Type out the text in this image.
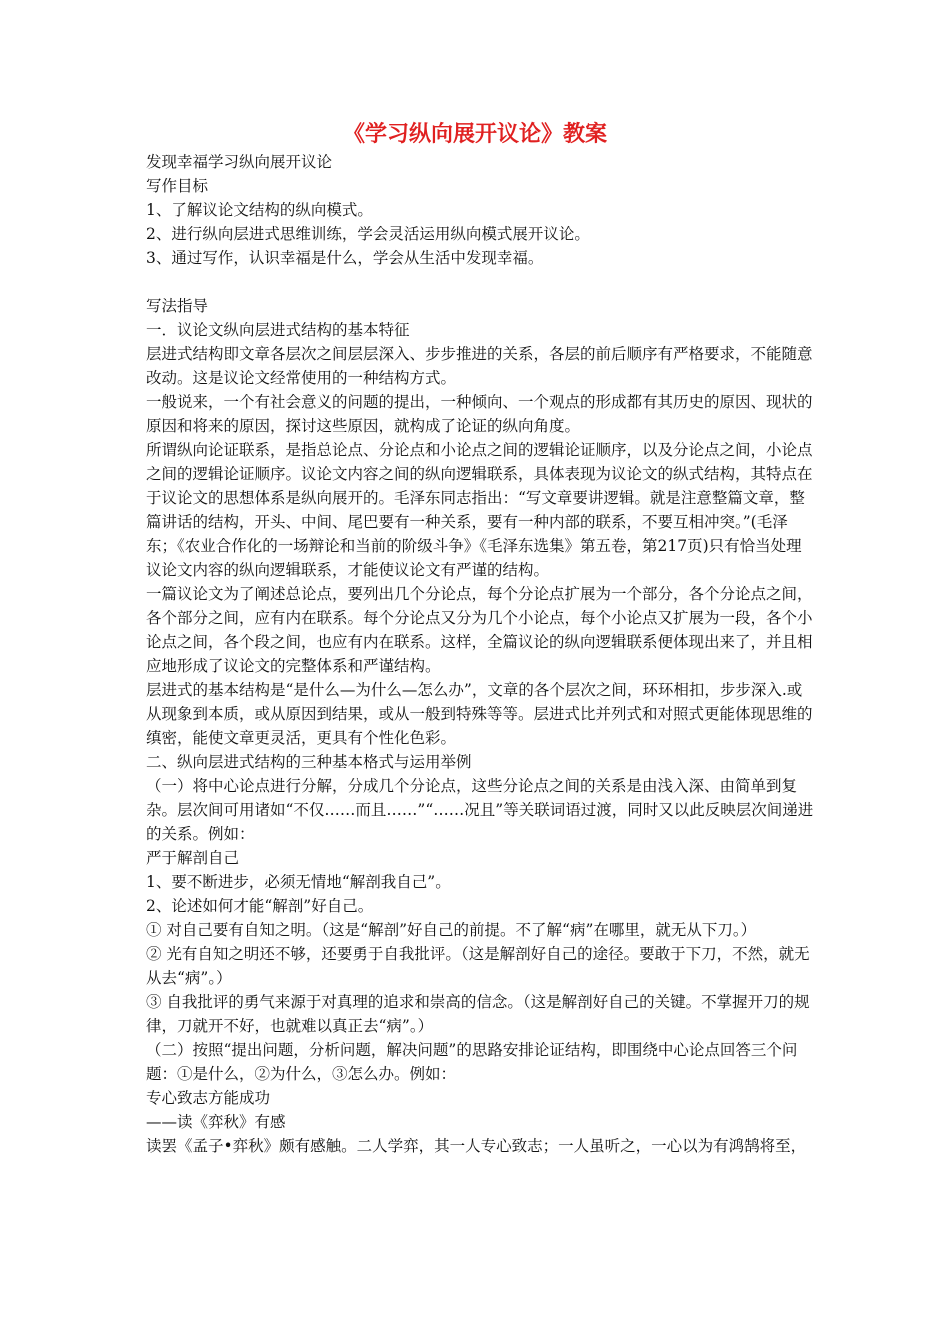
《学习纵向展开议论》教案

发现幸福学习纵向展开议论

写作目标

1、了解议论文结构的纵向模式。

2、进行纵向层进式思维训练，学会灵活运用纵向模式展开议论。

3、通过写作，认识幸福是什么，学会从生活中发现幸福。

写法指导

一．议论文纵向层进式结构的基本特征

层进式结构即文章各层次之间层层深入、步步推进的关系，各层的前后顺序有严格要求，不能随意改动。这是议论文经常使用的一种结构方式。

一般说来，一个有社会意义的问题的提出，一种倾向、一个观点的形成都有其历史的原因、现状的原因和将来的原因，探讨这些原因，就构成了论证的纵向角度。

所谓纵向论证联系，是指总论点、分论点和小论点之间的逻辑论证顺序，以及分论点之间，小论点之间的逻辑论证顺序。议论文内容之间的纵向逻辑联系，具体表现为议论文的纵式结构，其特点在于议论文的思想体系是纵向展开的。毛泽东同志指出：“写文章要讲逻辑。就是注意整篇文章，整篇讲话的结构，开头、中间、尾巴要有一种关系，要有一种内部的联系，不要互相冲突。”(毛泽东；《农业合作化的一场辩论和当前的阶级斗争》《毛泽东选集》第五卷，第217页)只有恰当处理议论文内容的纵向逻辑联系，才能使议论文有严谨的结构。

一篇议论文为了阐述总论点，要列出几个分论点，每个分论点扩展为一个部分，各个分论点之间，各个部分之间，应有内在联系。每个分论点又分为几个小论点，每个小论点又扩展为一段，各个小论点之间，各个段之间，也应有内在联系。这样，全篇议论的纵向逻辑联系便体现出来了，并且相应地形成了议论文的完整体系和严谨结构。

层进式的基本结构是“是什么—为什么—怎么办”，文章的各个层次之间，环环相扣，步步深入.或从现象到本质，或从原因到结果，或从一般到特殊等等。层进式比并列式和对照式更能体现思维的缜密，能使文章更灵活，更具有个性化色彩。

二、纵向层进式结构的三种基本格式与运用举例

（一）将中心论点进行分解，分成几个分论点，这些分论点之间的关系是由浅入深、由简单到复杂。层次间可用诸如“不仅……而且……”“……况且”等关联词语过渡，同时又以此反映层次间递进的关系。例如：

严于解剖自己

1、要不断进步，必须无情地“解剖我自己”。

2、论述如何才能“解剖”好自己。

① 对自己要有自知之明。（这是“解剖”好自己的前提。不了解“病”在哪里，就无从下刀。）

② 光有自知之明还不够，还要勇于自我批评。（这是解剖好自己的途径。要敢于下刀，不然，就无从去“病”。）

③ 自我批评的勇气来源于对真理的追求和崇高的信念。（这是解剖好自己的关键。不掌握开刀的规律，刀就开不好，也就难以真正去“病”。）

（二）按照“提出问题，分析问题，解决问题”的思路安排论证结构，即围绕中心论点回答三个问题：①是什么，②为什么，③怎么办。例如：

专心致志方能成功

——读《弈秋》有感

读罢《孟子•弈秋》颇有感触。二人学弈，其一人专心致志；一人虽听之，一心以为有鸿鹄将至，
